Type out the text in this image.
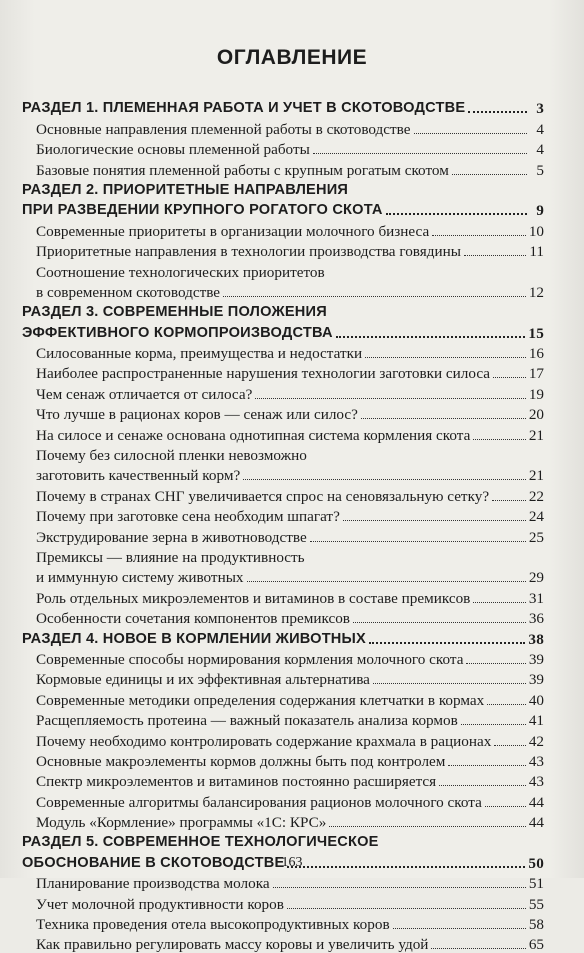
ОГЛАВЛЕНИЕ
РАЗДЕЛ 1. ПЛЕМЕННАЯ РАБОТА И УЧЕТ В СКОТОВОДСТВЕ	3
Основные направления племенной работы в скотоводстве	4
Биологические основы племенной работы	4
Базовые понятия племенной работы с крупным рогатым скотом	5
РАЗДЕЛ 2. ПРИОРИТЕТНЫЕ НАПРАВЛЕНИЯ
ПРИ РАЗВЕДЕНИИ КРУПНОГО РОГАТОГО СКОТА	9
Современные приоритеты в организации молочного бизнеса	10
Приоритетные направления в технологии производства говядины	11
Соотношение технологических приоритетов
в современном скотоводстве	12
РАЗДЕЛ 3. СОВРЕМЕННЫЕ ПОЛОЖЕНИЯ
ЭФФЕКТИВНОГО КОРМОПРОИЗВОДСТВА	15
Силосованные корма, преимущества и недостатки	16
Наиболее распространенные нарушения технологии заготовки силоса	17
Чем сенаж отличается от силоса?	19
Что лучше в рационах коров — сенаж или силос?	20
На силосе и сенаже основана однотипная система кормления скота	21
Почему без силосной пленки невозможно
заготовить качественный корм?	21
Почему в странах СНГ увеличивается спрос на сеновязальную сетку?	22
Почему при заготовке сена необходим шпагат?	24
Экструдирование зерна в животноводстве	25
Премиксы — влияние на продуктивность
и иммунную систему животных	29
Роль отдельных микроэлементов и витаминов в составе премиксов	31
Особенности сочетания компонентов премиксов	36
РАЗДЕЛ 4. НОВОЕ В КОРМЛЕНИИ ЖИВОТНЫХ	38
Современные способы нормирования кормления молочного скота	39
Кормовые единицы и их эффективная альтернатива	39
Современные методики определения содержания клетчатки в кормах	40
Расщепляемость протеина — важный показатель анализа кормов	41
Почему необходимо контролировать содержание крахмала в рационах 42
Основные макроэлементы кормов должны быть под контролем	43
Спектр микроэлементов и витаминов постоянно расширяется	43
Современные алгоритмы балансирования рационов молочного скота	44
Модуль «Кормление» программы «1С: КРС»	44
РАЗДЕЛ 5. СОВРЕМЕННОЕ ТЕХНОЛОГИЧЕСКОЕ
ОБОСНОВАНИЕ В СКОТОВОДСТВЕ	50
Планирование производства молока	51
Учет молочной продуктивности коров	55
Техника проведения отела высокопродуктивных коров	58
Как правильно регулировать массу коровы и увеличить удой	65
163
